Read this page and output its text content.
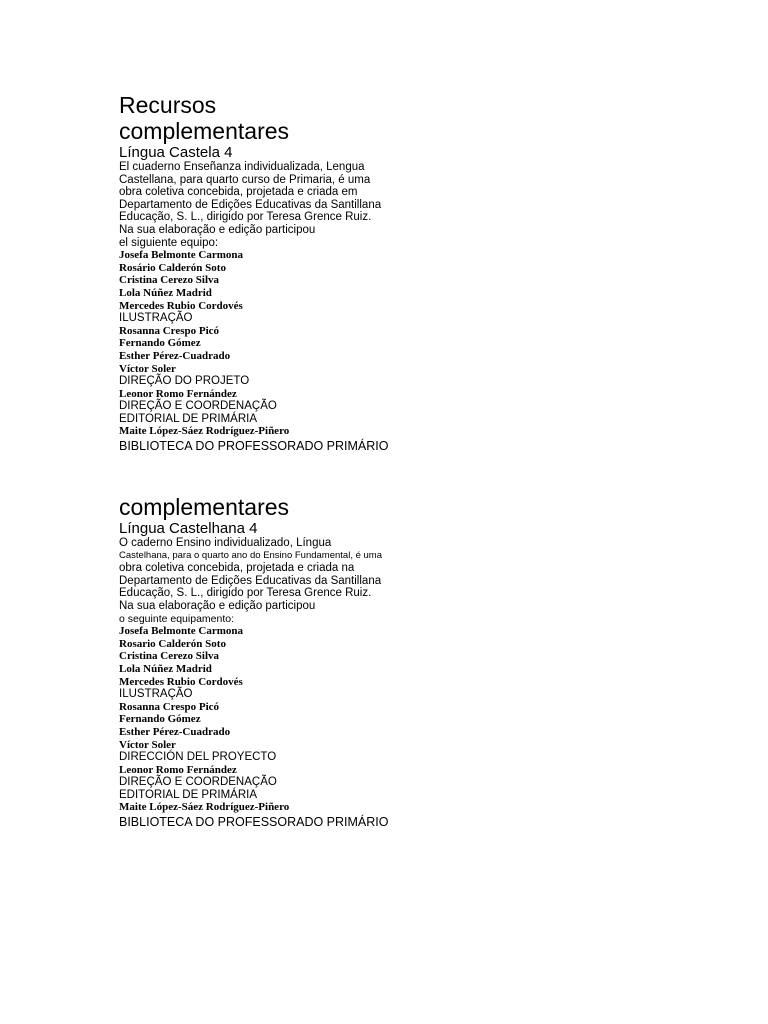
Recursos
complementares
Língua Castela 4
El cuaderno Enseñanza individualizada, Lengua
Castellana, para quarto curso de Primaria, é uma
obra coletiva concebida, projetada e criada em
Departamento de Edições Educativas da Santillana
Educação, S. L., dirigido por Teresa Grence Ruiz.
Na sua elaboração e edição participou
el siguiente equipo:
Josefa Belmonte Carmona
Rosário Calderón Soto
Cristina Cerezo Silva
Lola Núñez Madrid
Mercedes Rubio Cordovés
ILUSTRAÇÃO
Rosanna Crespo Picó
Fernando Gómez
Esther Pérez-Cuadrado
Víctor Soler
DIREÇÃO DO PROJETO
Leonor Romo Fernández
DIREÇÃO E COORDENAÇÃO
EDITORIAL DE PRIMÁRIA
Maite López-Sáez Rodríguez-Piñero
BIBLIOTECA DO PROFESSORADO PRIMÁRIO
complementares
Língua Castelhana 4
O caderno Ensino individualizado, Língua
Castelhana, para o quarto ano do Ensino Fundamental, é uma
obra coletiva concebida, projetada e criada na
Departamento de Edições Educativas da Santillana
Educação, S. L., dirigido por Teresa Grence Ruiz.
Na sua elaboração e edição participou
o seguinte equipamento:
Josefa Belmonte Carmona
Rosario Calderón Soto
Cristina Cerezo Silva
Lola Núñez Madrid
Mercedes Rubio Cordovés
ILUSTRAÇÃO
Rosanna Crespo Picó
Fernando Gómez
Esther Pérez-Cuadrado
Víctor Soler
DIRECCIÓN DEL PROYECTO
Leonor Romo Fernández
DIREÇÃO E COORDENAÇÃO
EDITORIAL DE PRIMÁRIA
Maite López-Sáez Rodríguez-Piñero
BIBLIOTECA DO PROFESSORADO PRIMÁRIO
